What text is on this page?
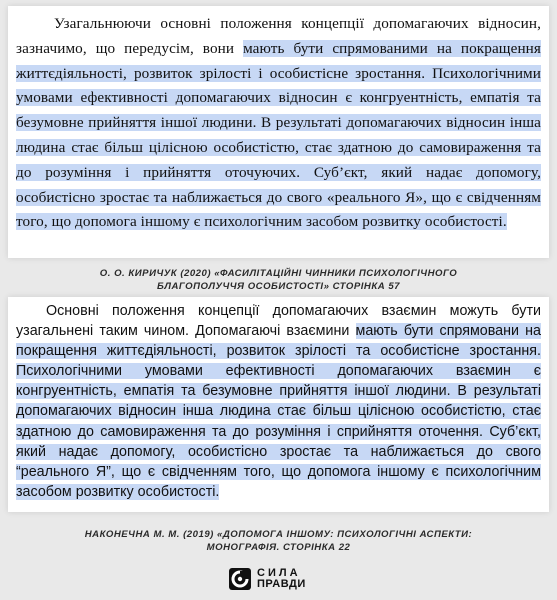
Узагальнюючи основні положення концепції допомагаючих відносин, зазначимо, що передусім, вони мають бути спрямованими на покращення життєдіяльності, розвиток зрілості і особистісне зростання. Психологічними умовами ефективності допомагаючих відносин є конгруентність, емпатія та безумовне прийняття іншої людини. В результаті допомагаючих відносин інша людина стає більш цілісною особистістю, стає здатною до самовираження та до розуміння і прийняття оточуючих. Суб’єкт, який надає допомогу, особистісно зростає та наближається до свого «реального Я», що є свідченням того, що допомога іншому є психологічним засобом розвитку особистості.

О. О. КИРИЧУК (2020) «ФАСИЛІТАЦІЙНІ ЧИННИКИ ПСИХОЛОГІЧНОГО
БЛАГОПОЛУЧЧЯ ОСОБИСТОСТІ» СТОРІНКА 57

Основні положення концепції допомагаючих взаємин можуть бути узагальнені таким чином. Допомагаючі взаємини мають бути спрямовани на покращення життєдіяльності, розвиток зрілості та особистісне зростання. Психологічними умовами ефективності допомагаючих взаємин є конгруентність, емпатія та безумовне прийняття іншої людини. В результаті допомагаючих відносин інша людина стає більш цілісною особистістю, стає здатною до самовираження та до розуміння і сприйняття оточення. Суб’єкт, який надає допомогу, особистісно зростає та наближається до свого “реального Я”, що є свідченням того, що допомога іншому є психологічним засобом розвитку особистості.

НАКОНЕЧНА М. М. (2019) «ДОПОМОГА ІНШОМУ: ПСИХОЛОГІЧНІ АСПЕКТИ:
МОНОГРАФІЯ. СТОРІНКА 22
СИЛА
ПРАВДИ
